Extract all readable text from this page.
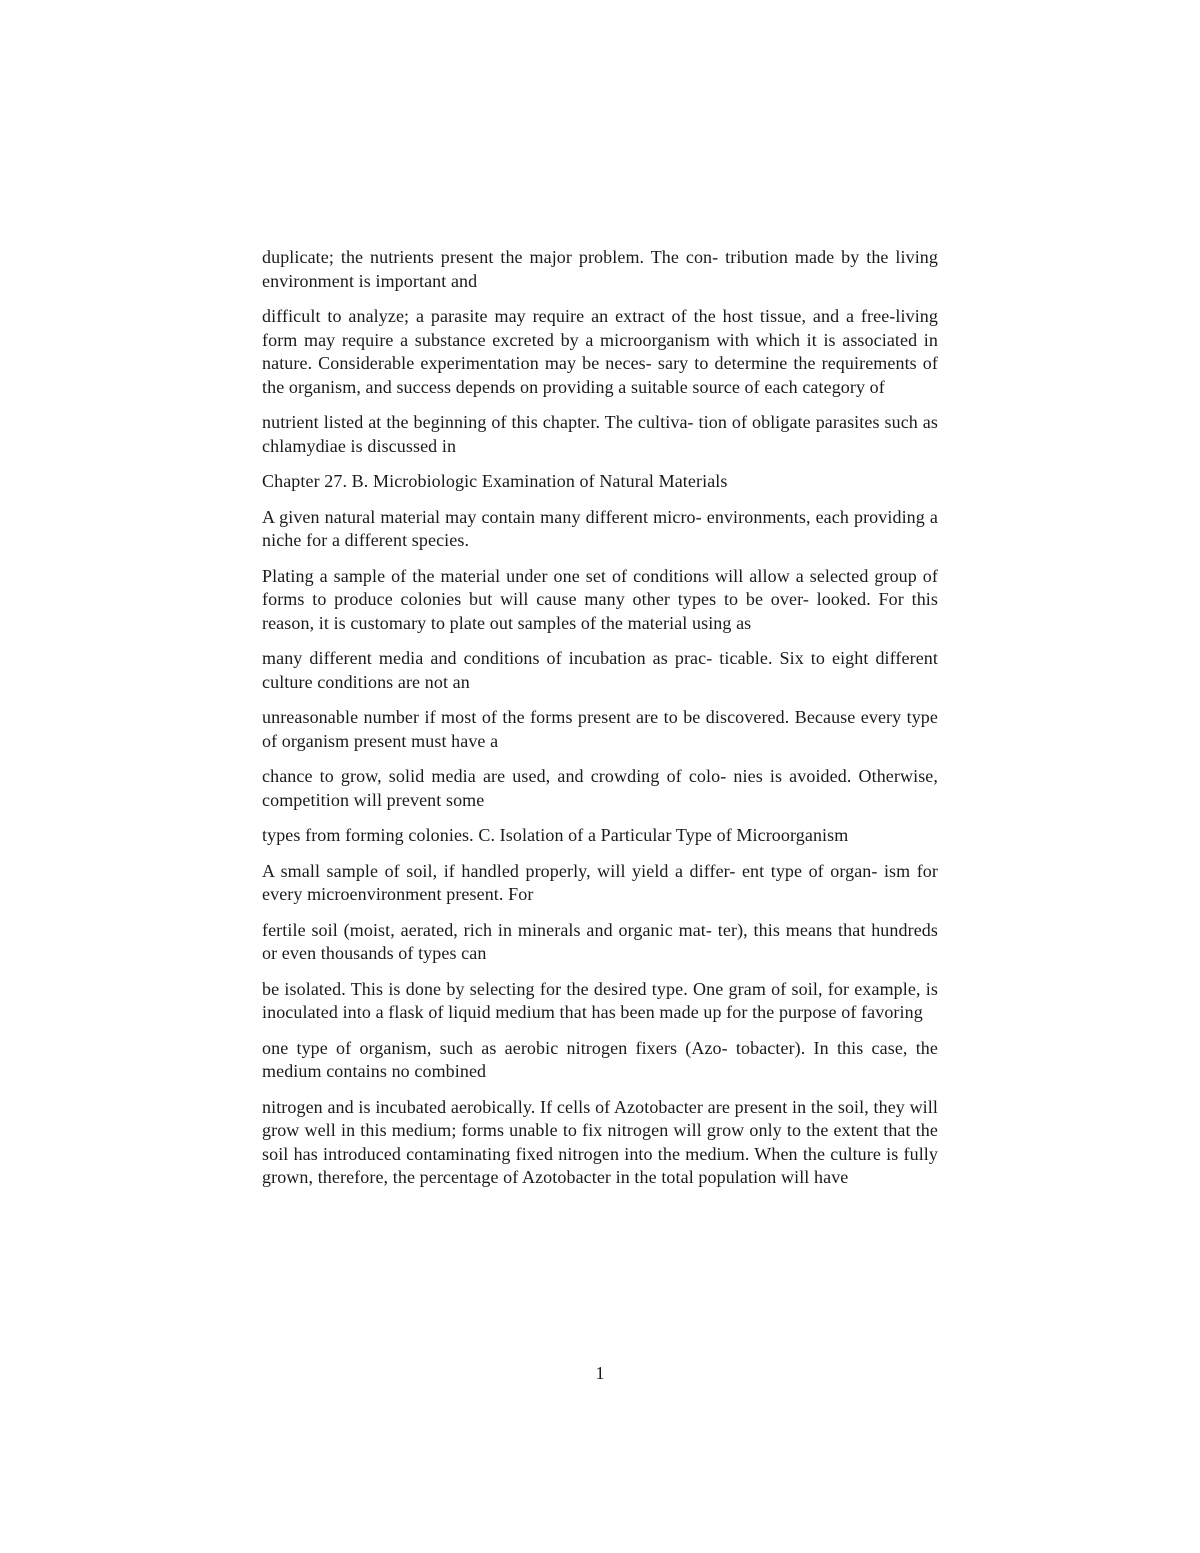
duplicate; the nutrients present the major problem. The con- tribution made by the living environment is important and

difficult to analyze; a parasite may require an extract of the host tissue, and a free-living form may require a substance excreted by a microorganism with which it is associated in nature. Considerable experimentation may be neces- sary to determine the requirements of the organism, and success depends on providing a suitable source of each category of

nutrient listed at the beginning of this chapter. The cultiva- tion of obligate parasites such as chlamydiae is discussed in

Chapter 27. B. Microbiologic Examination of Natural Materials

A given natural material may contain many different micro- environments, each providing a niche for a different species.

Plating a sample of the material under one set of conditions will allow a selected group of forms to produce colonies but will cause many other types to be over- looked. For this reason, it is customary to plate out samples of the material using as

many different media and conditions of incubation as prac- ticable. Six to eight different culture conditions are not an

unreasonable number if most of the forms present are to be discovered. Because every type of organism present must have a

chance to grow, solid media are used, and crowding of colo- nies is avoided. Otherwise, competition will prevent some

types from forming colonies. C. Isolation of a Particular Type of Microorganism

A small sample of soil, if handled properly, will yield a differ- ent type of organ- ism for every microenvironment present. For

fertile soil (moist, aerated, rich in minerals and organic mat- ter), this means that hundreds or even thousands of types can

be isolated. This is done by selecting for the desired type. One gram of soil, for example, is inoculated into a flask of liquid medium that has been made up for the purpose of favoring

one type of organism, such as aerobic nitrogen fixers (Azo- tobacter). In this case, the medium contains no combined

nitrogen and is incubated aerobically. If cells of Azotobacter are present in the soil, they will grow well in this medium; forms unable to fix nitrogen will grow only to the extent that the soil has introduced contaminating fixed nitrogen into the medium. When the culture is fully grown, therefore, the percentage of Azotobacter in the total population will have

1
